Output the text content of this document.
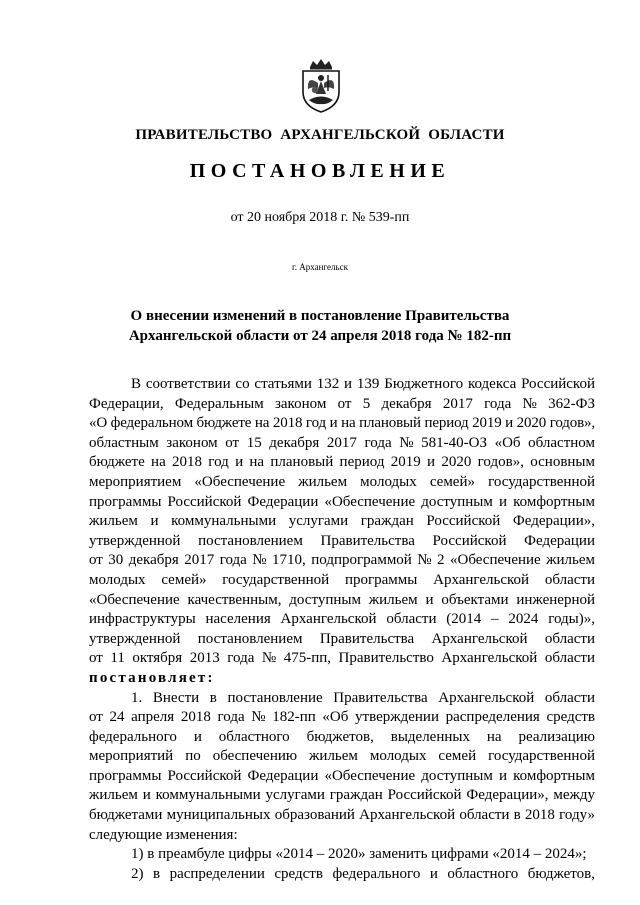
ПРАВИТЕЛЬСТВО АРХАНГЕЛЬСКОЙ ОБЛАСТИ
ПОСТАНОВЛЕНИЕ
от 20 ноября 2018 г. № 539-пп
г. Архангельск
О внесении изменений в постановление Правительства
Архангельской области от 24 апреля 2018 года № 182-пп
В соответствии со статьями 132 и 139 Бюджетного кодекса Российской
Федерации, Федеральным законом от 5 декабря 2017 года № 362-ФЗ
«О федеральном бюджете на 2018 год и на плановый период 2019 и 2020 годов»,
областным законом от 15 декабря 2017 года № 581-40-ОЗ «Об областном
бюджете на 2018 год и на плановый период 2019 и 2020 годов», основным
мероприятием «Обеспечение жильем молодых семей» государственной
программы Российской Федерации «Обеспечение доступным и комфортным
жильем и коммунальными услугами граждан Российской Федерации»,
утвержденной постановлением Правительства Российской Федерации
от 30 декабря 2017 года № 1710, подпрограммой № 2 «Обеспечение жильем
молодых семей» государственной программы Архангельской области
«Обеспечение качественным, доступным жильем и объектами инженерной
инфраструктуры населения Архангельской области (2014 – 2024 годы)»,
утвержденной постановлением Правительства Архангельской области
от 11 октября 2013 года № 475-пп, Правительство Архангельской области
постановляет:
1. Внести в постановление Правительства Архангельской области
от 24 апреля 2018 года № 182-пп «Об утверждении распределения средств
федерального и областного бюджетов, выделенных на реализацию
мероприятий по обеспечению жильем молодых семей государственной
программы Российской Федерации «Обеспечение доступным и комфортным
жильем и коммунальными услугами граждан Российской Федерации», между
бюджетами муниципальных образований Архангельской области в 2018 году»
следующие изменения:
1) в преамбуле цифры «2014 – 2020» заменить цифрами «2014 – 2024»;
2) в распределении средств федерального и областного бюджетов,
